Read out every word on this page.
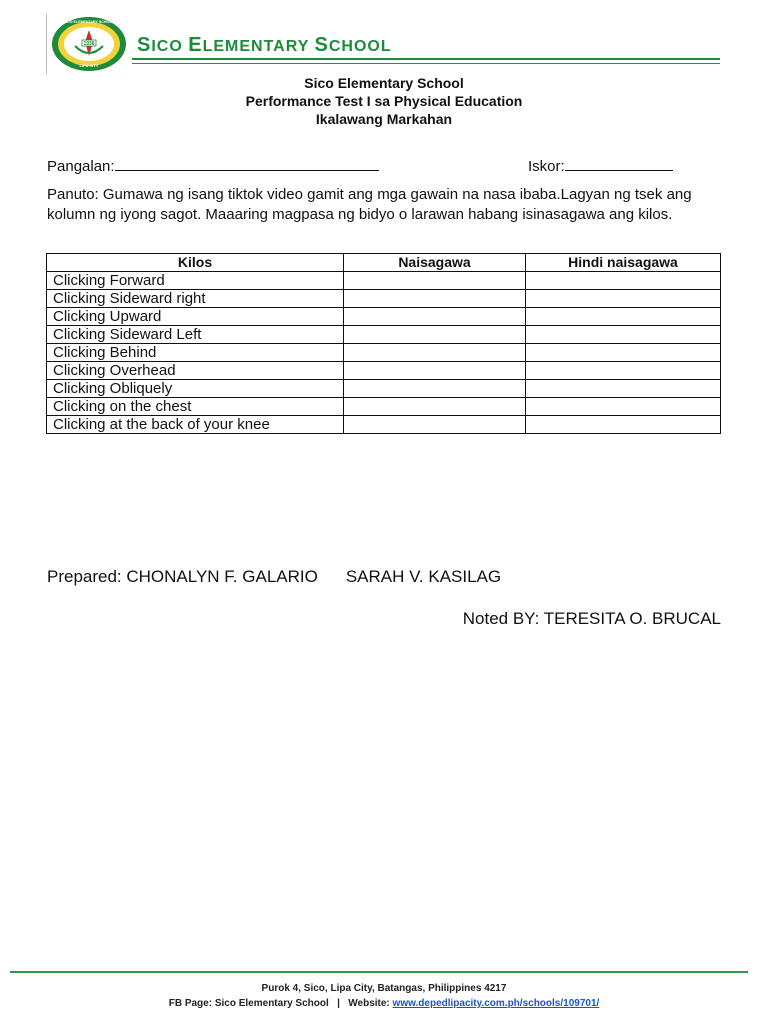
1936
LIPA CITY
SICO ELEMENTARY SCHOOL
SICO ELEMENTARY SCHOOL
Sico Elementary School
Performance Test I sa Physical Education
Ikalawang Markahan
Pangalan:	Iskor:
Panuto: Gumawa ng isang tiktok video gamit ang mga gawain na nasa ibaba.Lagyan ng tsek ang kolumn ng iyong sagot. Maaaring magpasa ng bidyo o larawan habang isinasagawa ang kilos.
Kilos	Naisagawa	Hindi naisagawa
Clicking Forward		
Clicking Sideward right		
Clicking Upward		
Clicking Sideward Left		
Clicking Behind		
Clicking Overhead		
Clicking Obliquely		
Clicking on the chest		
Clicking at the back of your knee		
Prepared: CHONALYN F. GALARIO SARAH V. KASILAG
Noted BY: TERESITA O. BRUCAL
Purok 4, Sico, Lipa City, Batangas, Philippines 4217
FB Page: Sico Elementary School | Website: www.depedlipacity.com.ph/schools/109701/
